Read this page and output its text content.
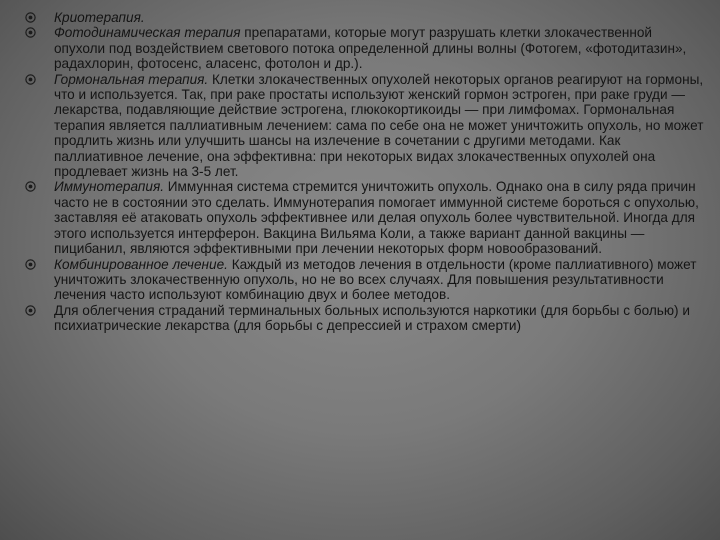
Криотерапия.
Фотодинамическая терапия препаратами, которые могут разрушать клетки злокачественной опухоли под воздействием светового потока определенной длины волны (Фотогем, «фотодитазин», радахлорин, фотосенс, аласенс, фотолон и др.).
Гормональная терапия. Клетки злокачественных опухолей некоторых органов реагируют на гормоны, что и используется. Так, при раке простаты используют женский гормон эстроген, при раке груди — лекарства, подавляющие действие эстрогена, глюкокортикоиды — при лимфомах. Гормональная терапия является паллиативным лечением: сама по себе она не может уничтожить опухоль, но может продлить жизнь или улучшить шансы на излечение в сочетании с другими методами. Как паллиативное лечение, она эффективна: при некоторых видах злокачественных опухолей она продлевает жизнь на 3-5 лет.
Иммунотерапия. Иммунная система стремится уничтожить опухоль. Однако она в силу ряда причин часто не в состоянии это сделать. Иммунотерапия помогает иммунной системе бороться с опухолью, заставляя её атаковать опухоль эффективнее или делая опухоль более чувствительной. Иногда для этого используется интерферон. Вакцина Вильяма Коли, а также вариант данной вакцины — пицибанил, являются эффективными при лечении некоторых форм новообразований.
Комбинированное лечение. Каждый из методов лечения в отдельности (кроме паллиативного) может уничтожить злокачественную опухоль, но не во всех случаях. Для повышения результативности лечения часто используют комбинацию двух и более методов.
Для облегчения страданий терминальных больных используются наркотики (для борьбы с болью) и психиатрические лекарства (для борьбы с депрессией и страхом смерти)
